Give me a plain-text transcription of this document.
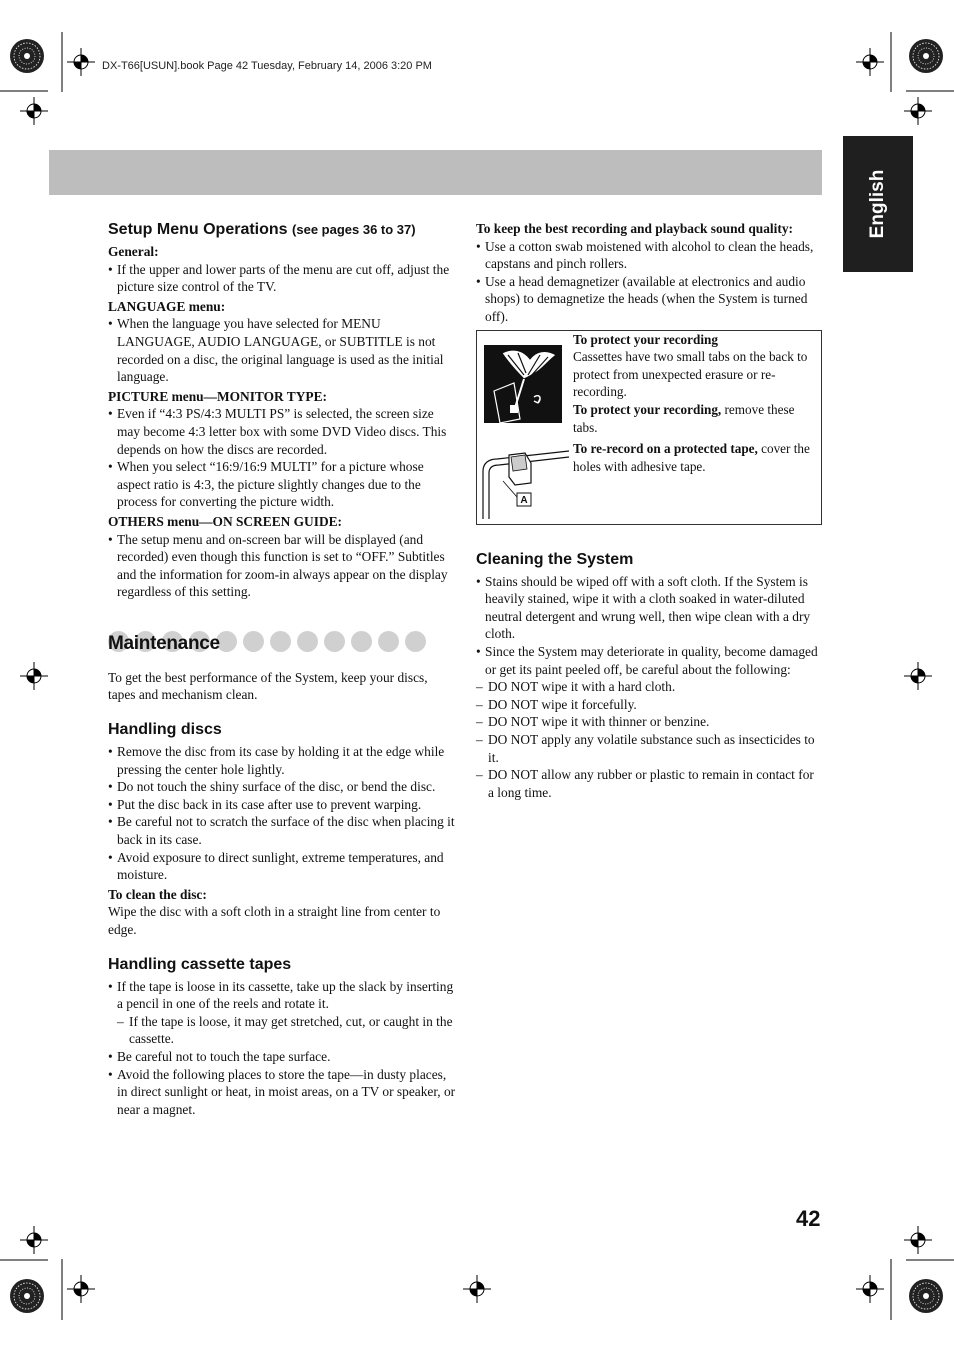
DX-T66[USUN].book Page 42 Tuesday, February 14, 2006 3:20 PM
English
Setup Menu Operations (see pages 36 to 37)

General:

• If the upper and lower parts of the menu are cut off, adjust the picture size control of the TV.

LANGUAGE menu:

• When the language you have selected for MENU LANGUAGE, AUDIO LANGUAGE, or SUBTITLE is not recorded on a disc, the original language is used as the initial language.

PICTURE menu—MONITOR TYPE:

• Even if “4:3 PS/4:3 MULTI PS” is selected, the screen size may become 4:3 letter box with some DVD Video discs. This depends on how the discs are recorded.
• When you select “16:9/16:9 MULTI” for a picture whose aspect ratio is 4:3, the picture slightly changes due to the process for converting the picture width.

OTHERS menu—ON SCREEN GUIDE:

• The setup menu and on-screen bar will be displayed (and recorded) even though this function is set to “OFF.” Subtitles and the information for zoom-in always appear on the display regardless of this setting.
Maintenance

To get the best performance of the System, keep your discs, tapes and mechanism clean.

Handling discs
• Remove the disc from its case by holding it at the edge while pressing the center hole lightly.
• Do not touch the shiny surface of the disc, or bend the disc.
• Put the disc back in its case after use to prevent warping.
• Be careful not to scratch the surface of the disc when placing it back in its case.
• Avoid exposure to direct sunlight, extreme temperatures, and moisture.

To clean the disc:

Wipe the disc with a soft cloth in a straight line from center to edge.

Handling cassette tapes
• If the tape is loose in its cassette, take up the slack by inserting a pencil in one of the reels and rotate it.
– If the tape is loose, it may get stretched, cut, or caught in the cassette.
• Be careful not to touch the tape surface.
• Avoid the following places to store the tape—in dusty places, in direct sunlight or heat, in moist areas, on a TV or speaker, or near a magnet.

To keep the best recording and playback sound quality:

• Use a cotton swab moistened with alcohol to clean the heads, capstans and pinch rollers.
• Use a head demagnetizer (available at electronics and audio shops) to demagnetize the heads (when the System is turned off).
A

To protect your recording

Cassettes have two small tabs on the back to protect from unexpected erasure or re-recording.

To protect your recording, remove these tabs.

To re-record on a protected tape, cover the holes with adhesive tape.

Cleaning the System
• Stains should be wiped off with a soft cloth. If the System is heavily stained, wipe it with a cloth soaked in water-diluted neutral detergent and wrung well, then wipe clean with a dry cloth.
• Since the System may deteriorate in quality, become damaged or get its paint peeled off, be careful about the following:
– DO NOT wipe it with a hard cloth.
– DO NOT wipe it forcefully.
– DO NOT wipe it with thinner or benzine.
– DO NOT apply any volatile substance such as insecticides to it.
– DO NOT allow any rubber or plastic to remain in contact for a long time.
42
